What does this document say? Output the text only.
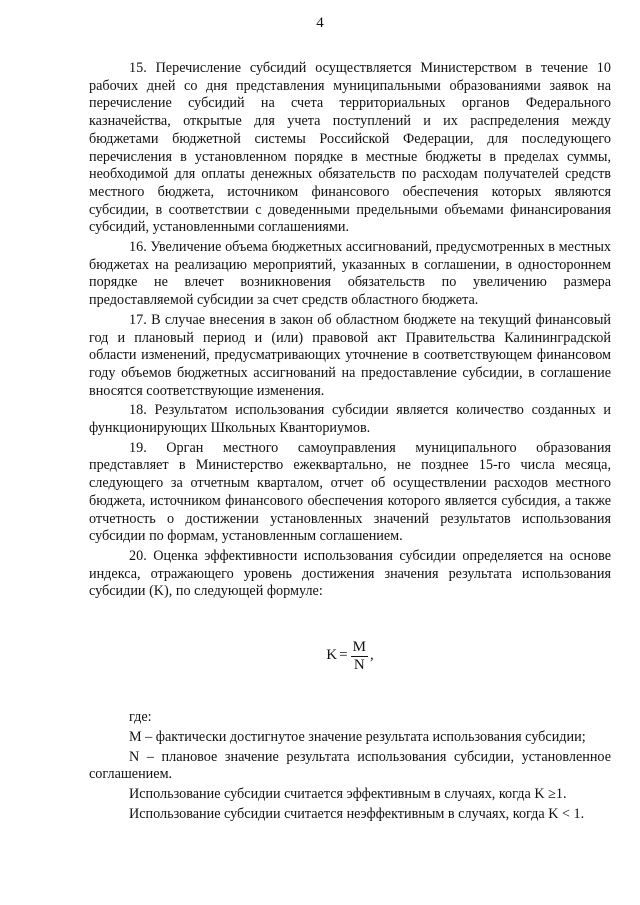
4

15. Перечисление субсидий осуществляется Министерством в течение 10 рабочих дней со дня представления муниципальными образованиями заявок на перечисление субсидий на счета территориальных органов Федерального казначейства, открытые для учета поступлений и их распределения между бюджетами бюджетной системы Российской Федерации, для последующего перечисления в установленном порядке в местные бюджеты в пределах суммы, необходимой для оплаты денежных обязательств по расходам получателей средств местного бюджета, источником финансового обеспечения которых являются субсидии, в соответствии с доведенными предельными объемами финансирования субсидий, установленными соглашениями.

16. Увеличение объема бюджетных ассигнований, предусмотренных в местных бюджетах на реализацию мероприятий, указанных в соглашении, в одностороннем порядке не влечет возникновения обязательств по увеличению размера предоставляемой субсидии за счет средств областного бюджета.

17. В случае внесения в закон об областном бюджете на текущий финансовый год и плановый период и (или) правовой акт Правительства Калининградской области изменений, предусматривающих уточнение в соответствующем финансовом году объемов бюджетных ассигнований на предоставление субсидии, в соглашение вносятся соответствующие изменения.

18. Результатом использования субсидии является количество созданных и функционирующих Школьных Кванториумов.

19. Орган местного самоуправления муниципального образования представляет в Министерство ежеквартально, не позднее 15-го числа месяца, следующего за отчетным кварталом, отчет об осуществлении расходов местного бюджета, источником финансового обеспечения которого является субсидия, а также отчетность о достижении установленных значений результатов использования субсидии по формам, установленным соглашением.

20. Оценка эффективности использования субсидии определяется на основе индекса, отражающего уровень достижения значения результата использования субсидии (K), по следующей формуле:

$K = \frac{M}{N}$ ,

где:

M – фактически достигнутое значение результата использования субсидии;

N – плановое значение результата использования субсидии, установленное соглашением.

Использование субсидии считается эффективным в случаях, когда K ≥1.

Использование субсидии считается неэффективным в случаях, когда K < 1.
